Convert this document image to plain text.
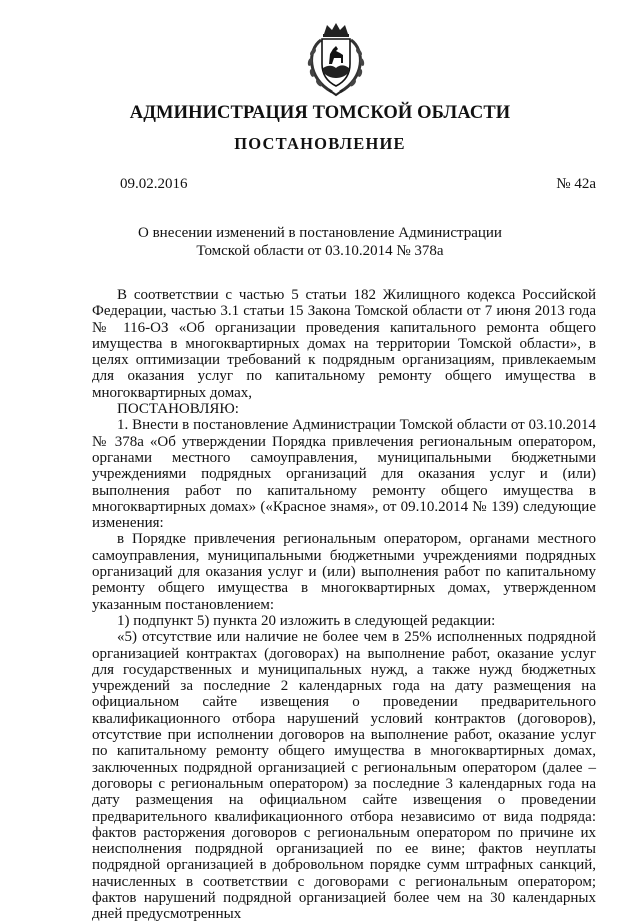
АДМИНИСТРАЦИЯ ТОМСКОЙ ОБЛАСТИ
ПОСТАНОВЛЕНИЕ
09.02.2016	№ 42а
О внесении изменений в постановление Администрации
Томской области от 03.10.2014 № 378а

В соответствии с частью 5 статьи 182 Жилищного кодекса Российской Федерации, частью 3.1 статьи 15 Закона Томской области от 7 июня 2013 года № 116-ОЗ «Об организации проведения капитального ремонта общего имущества в многоквартирных домах на территории Томской области», в целях оптимизации требований к подрядным организациям, привлекаемым для оказания услуг по капитальному ремонту общего имущества в многоквартирных домах,

ПОСТАНОВЛЯЮ:

1. Внести в постановление Администрации Томской области от 03.10.2014 № 378а «Об утверждении Порядка привлечения региональным оператором, органами местного самоуправления, муниципальными бюджетными учреждениями подрядных организаций для оказания услуг и (или) выполнения работ по капитальному ремонту общего имущества в многоквартирных домах» («Красное знамя», от 09.10.2014 № 139) следующие изменения:

в Порядке привлечения региональным оператором, органами местного самоуправления, муниципальными бюджетными учреждениями подрядных организаций для оказания услуг и (или) выполнения работ по капитальному ремонту общего имущества в многоквартирных домах, утвержденном указанным постановлением:

1) подпункт 5) пункта 20 изложить в следующей редакции:

«5) отсутствие или наличие не более чем в 25% исполненных подрядной организацией контрактах (договорах) на выполнение работ, оказание услуг для государственных и муниципальных нужд, а также нужд бюджетных учреждений за последние 2 календарных года на дату размещения на официальном сайте извещения о проведении предварительного квалификационного отбора нарушений условий контрактов (договоров), отсутствие при исполнении договоров на выполнение работ, оказание услуг по капитальному ремонту общего имущества в многоквартирных домах, заключенных подрядной организацией с региональным оператором (далее – договоры с региональным оператором) за последние 3 календарных года на дату размещения на официальном сайте извещения о проведении предварительного квалификационного отбора независимо от вида подряда: фактов расторжения договоров с региональным оператором по причине их неисполнения подрядной организацией по ее вине; фактов неуплаты подрядной организацией в добровольном порядке сумм штрафных санкций, начисленных в соответствии с договорами с региональным оператором; фактов нарушений подрядной организацией более чем на 30 календарных дней предусмотренных
